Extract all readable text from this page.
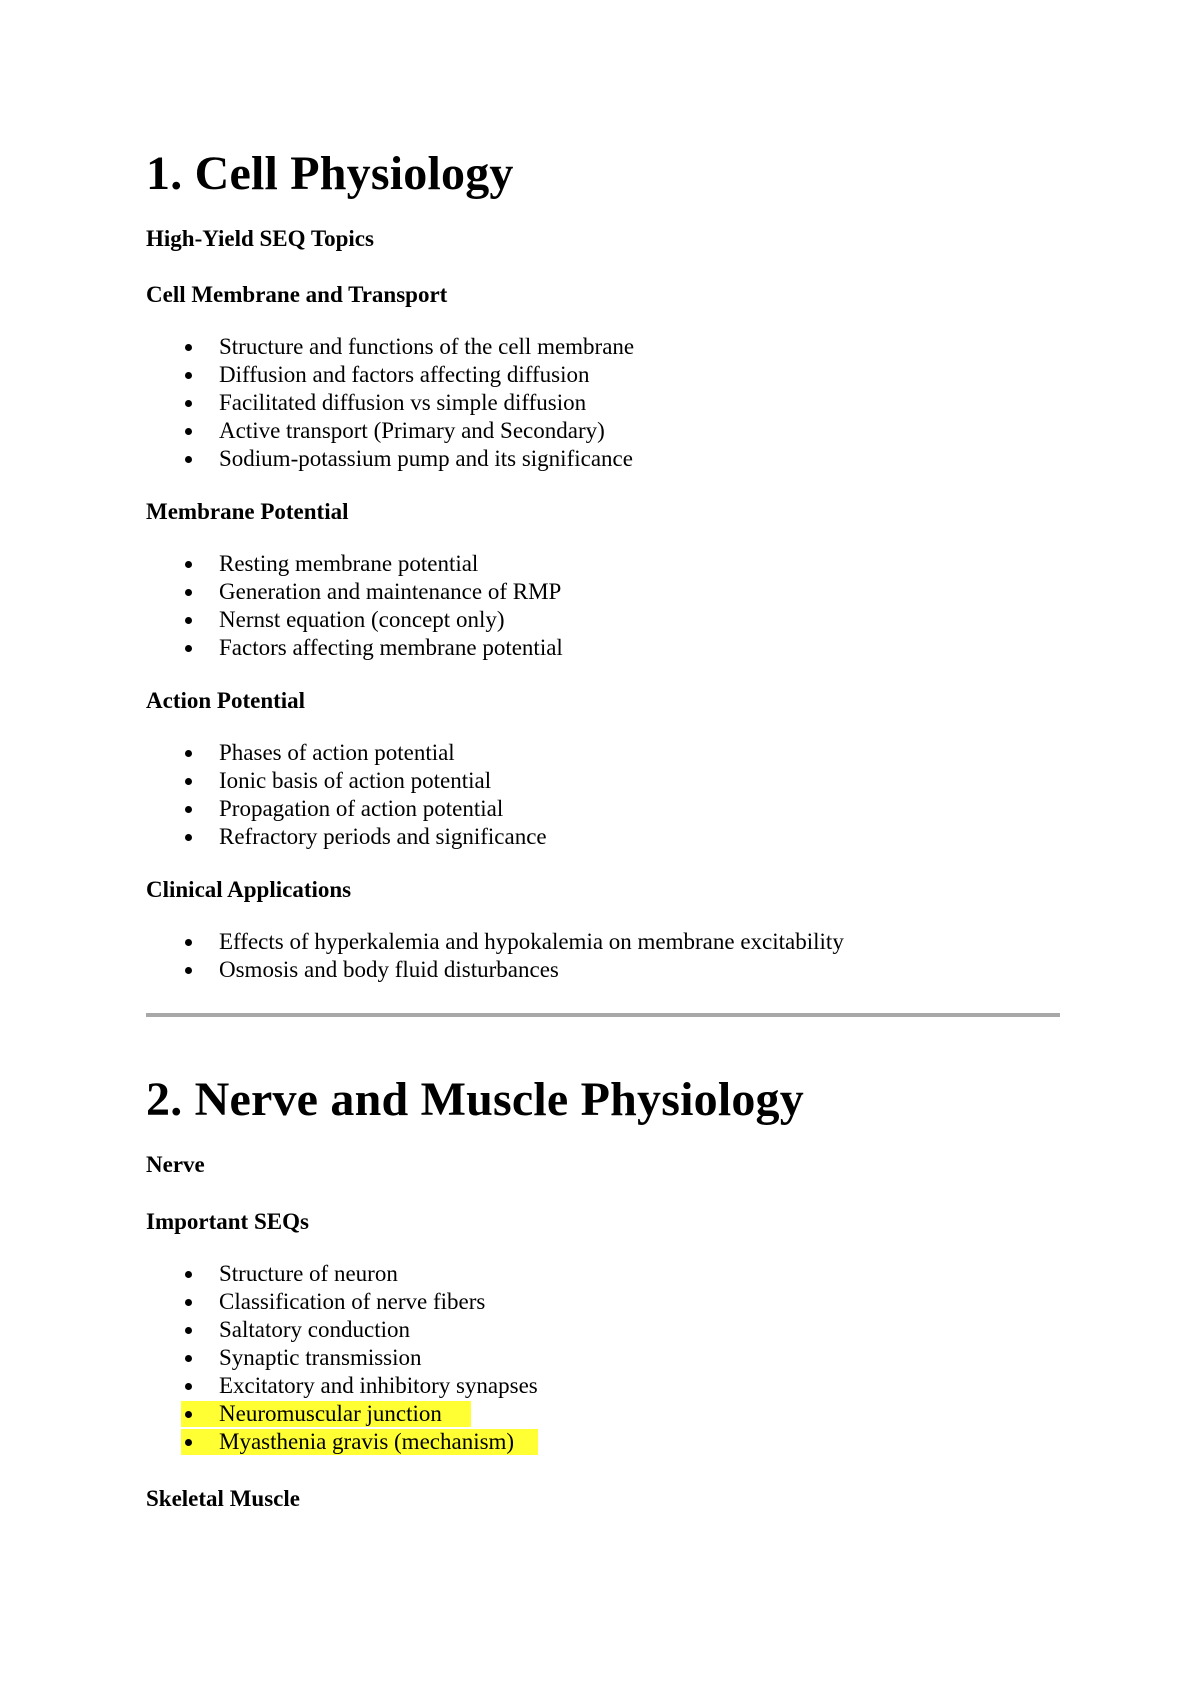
1. Cell Physiology
High-Yield SEQ Topics
Cell Membrane and Transport
Structure and functions of the cell membrane
Diffusion and factors affecting diffusion
Facilitated diffusion vs simple diffusion
Active transport (Primary and Secondary)
Sodium-potassium pump and its significance
Membrane Potential
Resting membrane potential
Generation and maintenance of RMP
Nernst equation (concept only)
Factors affecting membrane potential
Action Potential
Phases of action potential
Ionic basis of action potential
Propagation of action potential
Refractory periods and significance
Clinical Applications
Effects of hyperkalemia and hypokalemia on membrane excitability
Osmosis and body fluid disturbances
2. Nerve and Muscle Physiology
Nerve
Important SEQs
Structure of neuron
Classification of nerve fibers
Saltatory conduction
Synaptic transmission
Excitatory and inhibitory synapses
Neuromuscular junction
Myasthenia gravis (mechanism)
Skeletal Muscle
